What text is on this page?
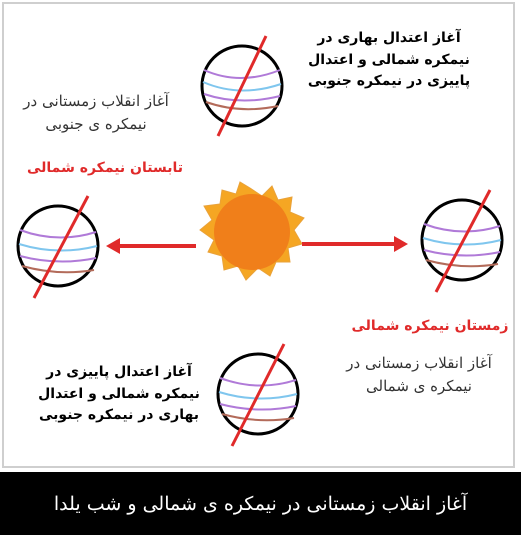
آغاز اعتدال بهاری در نیمکره شمالی و اعتدال پاییزی در نیمکره جنوبی
آغاز انقلاب زمستانی در نیمکره ی جنوبی
تابستان نیمکره شمالی
زمستان نیمکره شمالی
آغاز انقلاب زمستانی در نیمکره ی شمالی
آغاز اعتدال پاییزی در نیمکره شمالی و اعتدال بهاری در نیمکره جنوبی
آغاز انقلاب زمستانی در نیمکره ی شمالی و شب یلدا
